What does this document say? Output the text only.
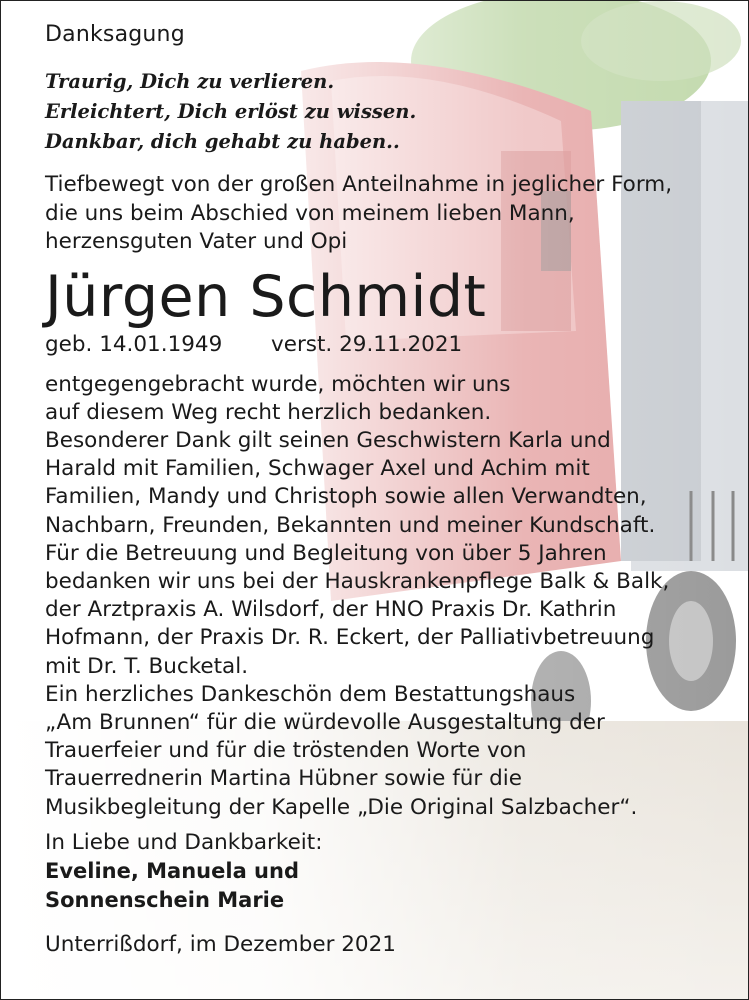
Danksagung
Traurig, Dich zu verlieren.
Erleichtert, Dich erlöst zu wissen.
Dankbar, dich gehabt zu haben..
Tiefbewegt von der großen Anteilnahme in jeglicher Form,
die uns beim Abschied von meinem lieben Mann,
herzensguten Vater und Opi
Jürgen Schmidt
geb. 14.01.1949 verst. 29.11.2021
entgegengebracht wurde, möchten wir uns
auf diesem Weg recht herzlich bedanken.
Besonderer Dank gilt seinen Geschwistern Karla und
Harald mit Familien, Schwager Axel und Achim mit
Familien, Mandy und Christoph sowie allen Verwandten,
Nachbarn, Freunden, Bekannten und meiner Kundschaft.
Für die Betreuung und Begleitung von über 5 Jahren
bedanken wir uns bei der Hauskrankenpflege Balk & Balk,
der Arztpraxis A. Wilsdorf, der HNO Praxis Dr. Kathrin
Hofmann, der Praxis Dr. R. Eckert, der Palliativbetreuung
mit Dr. T. Bucketal.
Ein herzliches Dankeschön dem Bestattungshaus
„Am Brunnen“ für die würdevolle Ausgestaltung der
Trauerfeier und für die tröstenden Worte von
Trauerrednerin Martina Hübner sowie für die
Musikbegleitung der Kapelle „Die Original Salzbacher“.
In Liebe und Dankbarkeit:
Eveline, Manuela und
Sonnenschein Marie
Unterrißdorf, im Dezember 2021
